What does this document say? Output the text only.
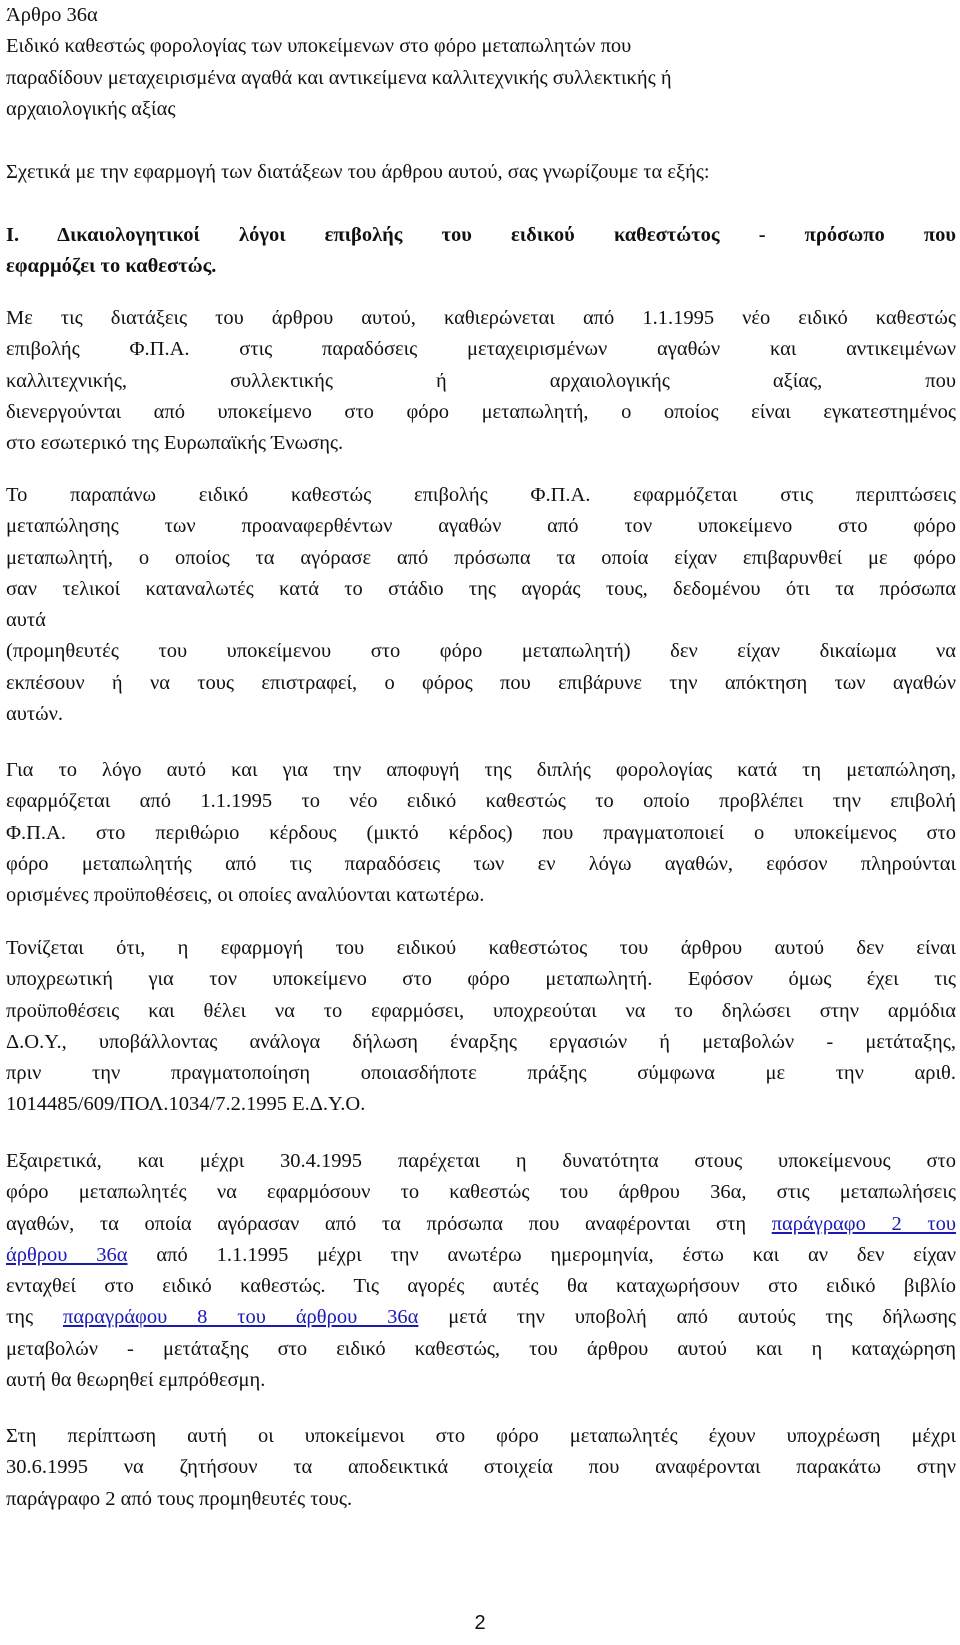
Άρθρο 36α
Ειδικό καθεστώς φορολογίας των υποκείμενων στο φόρο μεταπωλητών που
παραδίδουν μεταχειρισμένα αγαθά και αντικείμενα καλλιτεχνικής συλλεκτικής ή
αρχαιολογικής αξίας
Σχετικά με την εφαρμογή των διατάξεων του άρθρου αυτού, σας γνωρίζουμε τα εξής:
Ι. Δικαιολογητικοί λόγοι επιβολής του ειδικού καθεστώτος - πρόσωπο που
εφαρμόζει το καθεστώς.
Με τις διατάξεις του άρθρου αυτού, καθιερώνεται από 1.1.1995 νέο ειδικό καθεστώς
επιβολής Φ.Π.Α. στις παραδόσεις μεταχειρισμένων αγαθών και αντικειμένων
καλλιτεχνικής, συλλεκτικής ή αρχαιολογικής αξίας, που
διενεργούνται από υποκείμενο στο φόρο μεταπωλητή, ο οποίος είναι εγκατεστημένος
στο εσωτερικό της Ευρωπαϊκής Ένωσης.
Το παραπάνω ειδικό καθεστώς επιβολής Φ.Π.Α. εφαρμόζεται στις περιπτώσεις
μεταπώλησης των προαναφερθέντων αγαθών από τον υποκείμενο στο φόρο
μεταπωλητή, ο οποίος τα αγόρασε από πρόσωπα τα οποία είχαν επιβαρυνθεί με φόρο
σαν τελικοί καταναλωτές κατά το στάδιο της αγοράς τους, δεδομένου ότι τα πρόσωπα
αυτά
(προμηθευτές του υποκείμενου στο φόρο μεταπωλητή) δεν είχαν δικαίωμα να
εκπέσουν ή να τους επιστραφεί, ο φόρος που επιβάρυνε την απόκτηση των αγαθών
αυτών.
Για το λόγο αυτό και για την αποφυγή της διπλής φορολογίας κατά τη μεταπώληση,
εφαρμόζεται από 1.1.1995 το νέο ειδικό καθεστώς το οποίο προβλέπει την επιβολή
Φ.Π.Α. στο περιθώριο κέρδους (μικτό κέρδος) που πραγματοποιεί ο υποκείμενος στο
φόρο μεταπωλητής από τις παραδόσεις των εν λόγω αγαθών, εφόσον πληρούνται
ορισμένες προϋποθέσεις, οι οποίες αναλύονται κατωτέρω.
Τονίζεται ότι, η εφαρμογή του ειδικού καθεστώτος του άρθρου αυτού δεν είναι
υποχρεωτική για τον υποκείμενο στο φόρο μεταπωλητή. Εφόσον όμως έχει τις
προϋποθέσεις και θέλει να το εφαρμόσει, υποχρεούται να το δηλώσει στην αρμόδια
Δ.Ο.Υ., υποβάλλοντας ανάλογα δήλωση έναρξης εργασιών ή μεταβολών - μετάταξης,
πριν την πραγματοποίηση οποιασδήποτε πράξης σύμφωνα με την αριθ.
1014485/609/ΠΟΛ.1034/7.2.1995 Ε.Δ.Υ.Ο.
Εξαιρετικά, και μέχρι 30.4.1995 παρέχεται η δυνατότητα στους υποκείμενους στο
φόρο μεταπωλητές να εφαρμόσουν το καθεστώς του άρθρου 36α, στις μεταπωλήσεις
αγαθών, τα οποία αγόρασαν από τα πρόσωπα που αναφέρονται στη παράγραφο 2 του
άρθρου 36α από 1.1.1995 μέχρι την ανωτέρω ημερομηνία, έστω και αν δεν είχαν
ενταχθεί στο ειδικό καθεστώς. Τις αγορές αυτές θα καταχωρήσουν στο ειδικό βιβλίο
της παραγράφου 8 του άρθρου 36α μετά την υποβολή από αυτούς της δήλωσης
μεταβολών - μετάταξης στο ειδικό καθεστώς, του άρθρου αυτού και η καταχώρηση
αυτή θα θεωρηθεί εμπρόθεσμη.
Στη περίπτωση αυτή οι υποκείμενοι στο φόρο μεταπωλητές έχουν υποχρέωση μέχρι
30.6.1995 να ζητήσουν τα αποδεικτικά στοιχεία που αναφέρονται παρακάτω στην
παράγραφο 2 από τους προμηθευτές τους.
2
